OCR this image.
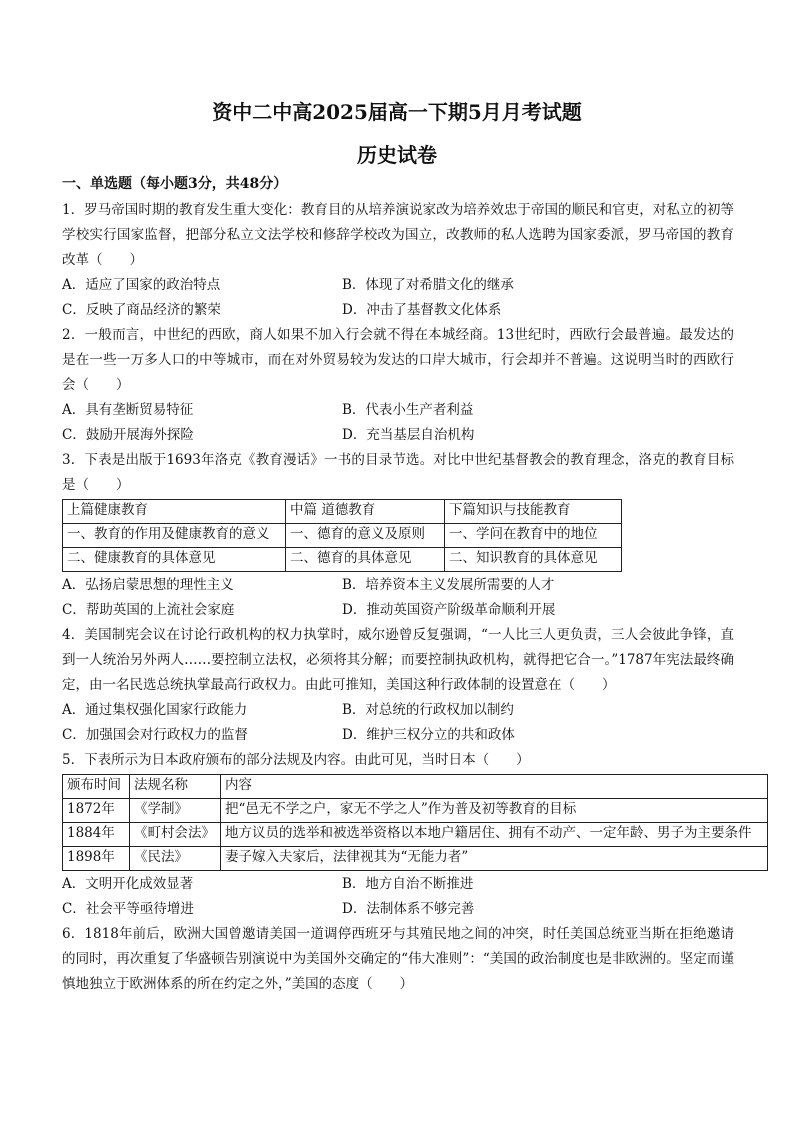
资中二中高2025届高一下期5月月考试题
历史试卷
一、单选题（每小题3分，共48分）
1．罗马帝国时期的教育发生重大变化：教育目的从培养演说家改为培养效忠于帝国的顺民和官吏，对私立的初等学校实行国家监督，把部分私立文法学校和修辞学校改为国立，改教师的私人选聘为国家委派，罗马帝国的教育改革（　　）
A．适应了国家的政治特点	B．体现了对希腊文化的继承
C．反映了商品经济的繁荣	D．冲击了基督教文化体系
2．一般而言，中世纪的西欧，商人如果不加入行会就不得在本城经商。13世纪时，西欧行会最普遍。最发达的是在一些一万多人口的中等城市，而在对外贸易较为发达的口岸大城市，行会却并不普遍。这说明当时的西欧行会（　　）
A．具有垄断贸易特征	B．代表小生产者利益
C．鼓励开展海外探险	D．充当基层自治机构
3．下表是出版于1693年洛克《教育漫话》一书的目录节选。对比中世纪基督教会的教育理念，洛克的教育目标是（　　）
上篇健康教育	中篇 道德教育	下篇知识与技能教育
一、教育的作用及健康教育的意义	一、德育的意义及原则	一、学问在教育中的地位
二、健康教育的具体意见	二、德育的具体意见	二、知识教育的具体意见
A．弘扬启蒙思想的理性主义	B．培养资本主义发展所需要的人才
C．帮助英国的上流社会家庭	D．推动英国资产阶级革命顺利开展
4．美国制宪会议在讨论行政机构的权力执掌时，威尔逊曾反复强调，“一人比三人更负责，三人会彼此争锋，直到一人统治另外两人……要控制立法权，必须将其分解；而要控制执政机构，就得把它合一。”1787年宪法最终确定，由一名民选总统执掌最高行政权力。由此可推知，美国这种行政体制的设置意在（　　）
A．通过集权强化国家行政能力	B．对总统的行政权加以制约
C．加强国会对行政权力的监督	D．维护三权分立的共和政体
5．下表所示为日本政府颁布的部分法规及内容。由此可见，当时日本（　　）
颁布时间	法规名称	内容
1872年	《学制》	把“邑无不学之户，家无不学之人”作为普及初等教育的目标
1884年	《町村会法》	地方议员的选举和被选举资格以本地户籍居住、拥有不动产、一定年龄、男子为主要条件
1898年	《民法》	妻子嫁入夫家后，法律视其为“无能力者”
A．文明开化成效显著	B．地方自治不断推进
C．社会平等亟待增进	D．法制体系不够完善
6．1818年前后，欧洲大国曾邀请美国一道调停西班牙与其殖民地之间的冲突，时任美国总统亚当斯在拒绝邀请的同时，再次重复了华盛顿告别演说中为美国外交确定的“伟大准则”：“美国的政治制度也是非欧洲的。坚定而谨慎地独立于欧洲体系的所在约定之外，”美国的态度（　　）
